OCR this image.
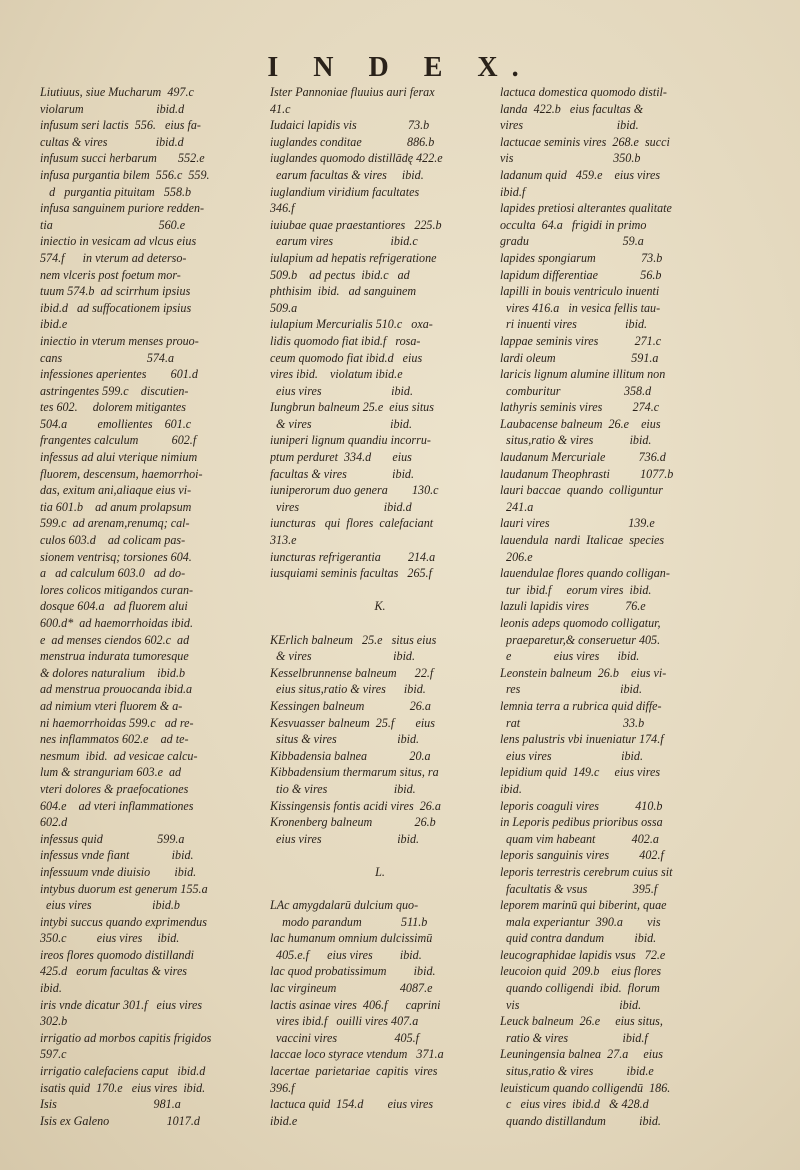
I N D E X.
Liutiuus, siue Mucharum  497.c
violarum                        ibid.d
infusum seri lactis  556.   eius fa-
cultas & vires                ibid.d
infusum succi herbarum       552.e
infusa purgantia bilem  556.c  559.
d   purgantia pituitam   558.b
infusa sanguinem puriore redden-
tia                                   560.e
iniectio in vesicam ad vlcus eius
574.f      in vterum ad deterso-
nem vlceris post foetum mor-
tuum 574.b  ad scirrhum ipsius
ibid.d   ad suffocationem ipsius
ibid.e
iniectio in vterum menses prouo-
cans                            574.a
infessiones aperientes        601.d
astringentes 599.c    discutien-
tes 602.     dolorem mitigantes
504.a          emollientes    601.c
frangentes calculum           602.f
infessus ad alui vterique nimium
fluorem, descensum, haemorrhoi-
das, exitum ani,aliaque eius vi-
tia 601.b    ad anum prolapsum
599.c  ad arenam,renumq; cal-
culos 603.d    ad colicam pas-
sionem ventrisq; torsiones 604.
a   ad calculum 603.0   ad do-
lores colicos mitigandos curan-
dosque 604.a   ad fluorem alui
600.d*  ad haemorrhoidas ibid.
e  ad menses ciendos 602.c  ad
menstrua indurata tumoresque
& dolores naturalium    ibid.b
ad menstrua prouocanda ibid.a
ad nimium vteri fluorem & a-
ni haemorrhoidas 599.c   ad re-
nes inflammatos 602.e    ad te-
nesmum  ibid.  ad vesicae calcu-
lum & stranguriam 603.e  ad
vteri dolores & praefocationes
604.e    ad vteri inflammationes
602.d
infessus quid                  599.a
infessus vnde fiant              ibid.
infessuum vnde diuisio        ibid.
intybus duorum est generum 155.a
eius vires                    ibid.b
intybi succus quando exprimendus
350.c          eius vires     ibid.
ireos flores quomodo distillandi
425.d   eorum facultas & vires
ibid.
iris vnde dicatur 301.f   eius vires
302.b
irrigatio ad morbos capitis frigidos
597.c
irrigatio calefaciens caput   ibid.d
isatis quid  170.e   eius vires  ibid.
Isis                                981.a
Isis ex Galeno                   1017.d
Ister Pannoniae fluuius auri ferax
41.c
Iudaici lapidis vis                 73.b
iuglandes conditae               886.b
iuglandes quomodo distillādę 422.e
earum facultas & vires     ibid.
iuglandium viridium facultates
346.f
iuiubae quae praestantiores   225.b
earum vires                   ibid.c
iulapium ad hepatis refrigeratione
509.b    ad pectus  ibid.c   ad
phthisim  ibid.   ad sanguinem
509.a
iulapium Mercurialis 510.c   oxa-
lidis quomodo fiat ibid.f   rosa-
ceum quomodo fiat ibid.d   eius
vires ibid.    violatum ibid.e
eius vires                       ibid.
Iungbrun balneum 25.e  eius situs
& vires                          ibid.
iuniperi lignum quandiu incorru-
ptum perduret  334.d       eius
facultas & vires               ibid.
iuniperorum duo genera        130.c
vires                            ibid.d
iuncturas   qui  flores  calefaciant
313.e
iuncturas refrigerantia         214.a
iusquiami seminis facultas   265.f
K.
KErlich balneum   25.e   situs eius
& vires                           ibid.
Kesselbrunnense balneum      22.f
eius situs,ratio & vires      ibid.
Kessingen balneum               26.a
Kesvuasser balneum  25.f       eius
situs & vires                    ibid.
Kibbadensia balnea              20.a
Kibbadensium thermarum situs, ra
tio & vires                      ibid.
Kissingensis fontis acidi vires  26.a
Kronenberg balneum              26.b
eius vires                         ibid.
L.
LAc amygdalarū dulcium quo-
modo parandum             511.b
lac humanum omnium dulcissimū
405.e.f      eius vires         ibid.
lac quod probatissimum         ibid.
lac virgineum                     4087.e
lactis asinae vires  406.f      caprini
vires ibid.f   ouilli vires 407.a
vaccini vires                   405.f
laccae loco styrace vtendum   371.a
lacertae  parietariae  capitis  vires
396.f
lactuca quid  154.d        eius vires
ibid.e
lactuca domestica quomodo distil-
landa  422.b   eius facultas &
vires                               ibid.
lactucae seminis vires  268.e  succi
vis                                 350.b
ladanum quid   459.e    eius vires
ibid.f
lapides pretiosi alterantes qualitate
occulta  64.a   frigidi in primo
gradu                               59.a
lapides spongiarum               73.b
lapidum differentiae              56.b
lapilli in bouis ventriculo inuenti
vires 416.a   in vesica fellis tau-
ri inuenti vires                ibid.
lappae seminis vires            271.c
lardi oleum                         591.a
laricis lignum alumine illitum non
comburitur                     358.d
lathyris seminis vires          274.c
Laubacense balneum  26.e    eius
situs,ratio & vires            ibid.
laudanum Mercuriale           736.d
laudanum Theophrasti          1077.b
lauri baccae  quando  colliguntur
241.a
lauri vires                          139.e
lauendula  nardi  Italicae  species
206.e
lauendulae flores quando colligan-
tur  ibid.f     eorum vires  ibid.
lazuli lapidis vires            76.e
leonis adeps quomodo colligatur,
praeparetur,& conseruetur 405.
e              eius vires      ibid.
Leonstein balneum  26.b    eius vi-
res                                 ibid.
lemnia terra a rubrica quid diffe-
rat                                  33.b
lens palustris vbi inueniatur 174.f
eius vires                       ibid.
lepidium quid  149.c     eius vires
ibid.
leporis coaguli vires            410.b
in Leporis pedibus prioribus ossa
quam vim habeant            402.a
leporis sanguinis vires          402.f
leporis terrestris cerebrum cuius sit
facultatis & vsus               395.f
leporem marinū qui biberint, quae
mala experiantur  390.a        vis
quid contra dandum          ibid.
leucographidae lapidis vsus   72.e
leucoion quid  209.b    eius flores
quando colligendi  ibid.  florum
vis                                 ibid.
Leuck balneum  26.e     eius situs,
ratio & vires                  ibid.f
Leuningensia balnea  27.a     eius
situs,ratio & vires           ibid.e
leuisticum quando colligendū  186.
c   eius vires  ibid.d   & 428.d
quando distillandum           ibid.
